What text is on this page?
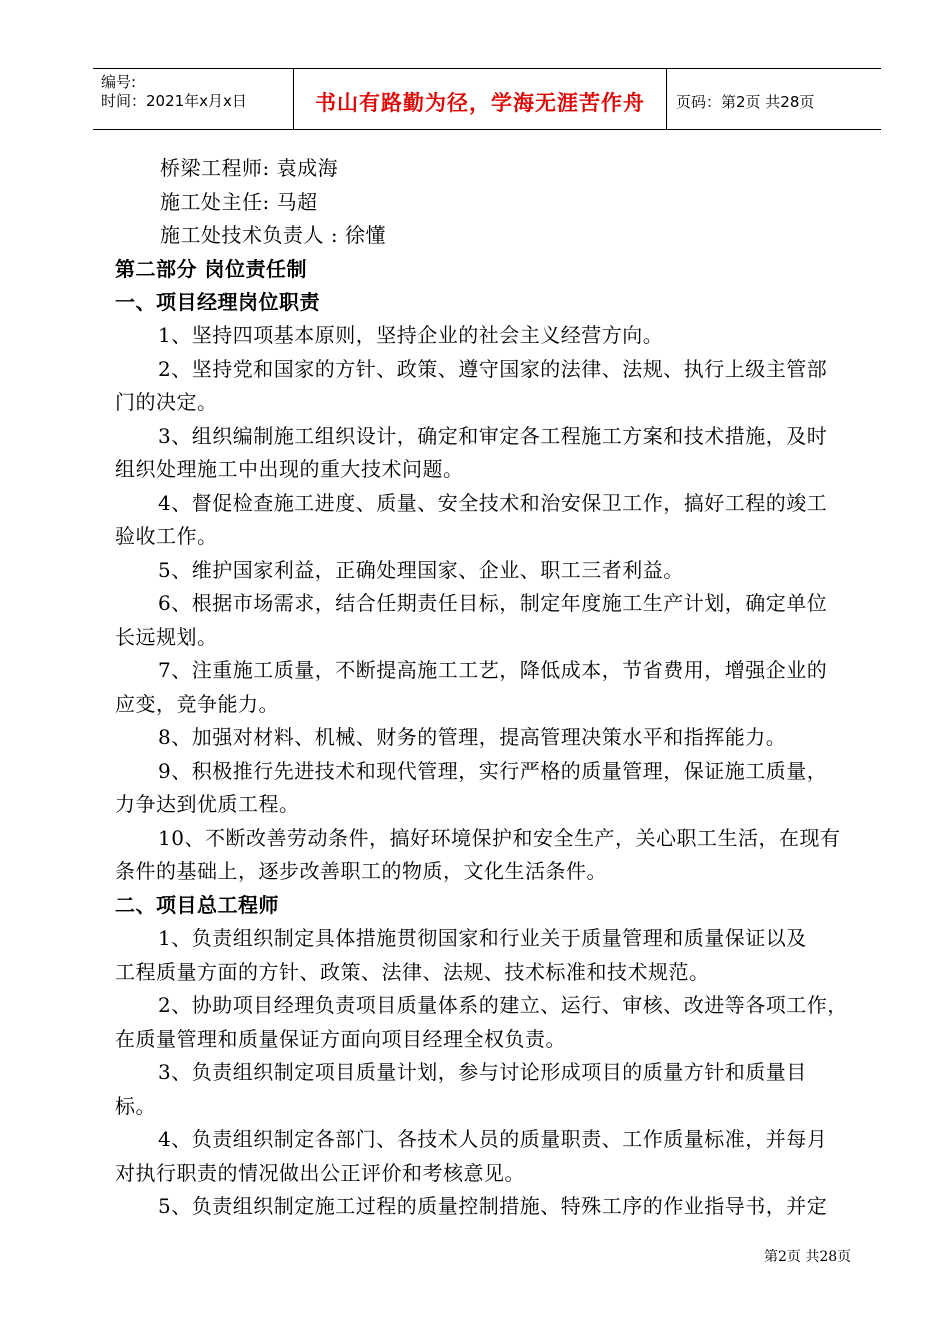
编号:
时间：2021年x月x日	书山有路勤为径，学海无涯苦作舟	页码：第2页 共28页
桥梁工程师: 袁成海
施工处主任: 马超
施工处技术负责人 : 徐懂
第二部分 岗位责任制
一、项目经理岗位职责
1、坚持四项基本原则，坚持企业的社会主义经营方向。
2、坚持党和国家的方针、政策、遵守国家的法律、法规、执行上级主管部
门的决定。
3、组织编制施工组织设计，确定和审定各工程施工方案和技术措施，及时
组织处理施工中出现的重大技术问题。
4、督促检查施工进度、质量、安全技术和治安保卫工作，搞好工程的竣工
验收工作。
5、维护国家利益，正确处理国家、企业、职工三者利益。
6、根据市场需求，结合任期责任目标，制定年度施工生产计划，确定单位
长远规划。
7、注重施工质量，不断提高施工工艺，降低成本，节省费用，增强企业的
应变，竞争能力。
8、加强对材料、机械、财务的管理，提高管理决策水平和指挥能力。
9、积极推行先进技术和现代管理，实行严格的质量管理，保证施工质量，
力争达到优质工程。
10、不断改善劳动条件，搞好环境保护和安全生产，关心职工生活，在现有
条件的基础上，逐步改善职工的物质，文化生活条件。
二、项目总工程师
1、负责组织制定具体措施贯彻国家和行业关于质量管理和质量保证以及
工程质量方面的方针、政策、法律、法规、技术标准和技术规范。
2、协助项目经理负责项目质量体系的建立、运行、审核、改进等各项工作，
在质量管理和质量保证方面向项目经理全权负责。
3、负责组织制定项目质量计划，参与讨论形成项目的质量方针和质量目
标。
4、负责组织制定各部门、各技术人员的质量职责、工作质量标准，并每月
对执行职责的情况做出公正评价和考核意见。
5、负责组织制定施工过程的质量控制措施、特殊工序的作业指导书，并定
第2页 共28页
